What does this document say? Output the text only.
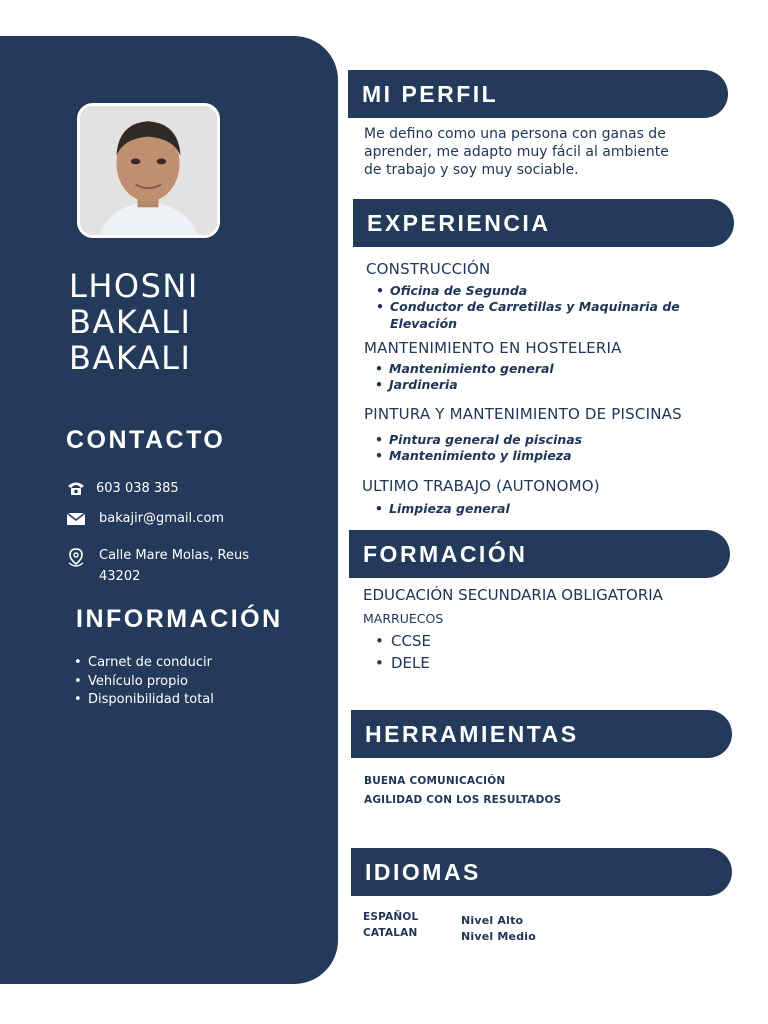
LHOSNI
BAKALI
BAKALI
CONTACTO
603 038 385
bakajir@gmail.com
Calle Mare Molas, Reus
43202
INFORMACIÓN
• Carnet de conducir
• Vehículo propio
• Disponibilidad total
MI PERFIL
Me defino como una persona con ganas de
aprender, me adapto muy fácil al ambiente
de trabajo y soy muy sociable.
EXPERIENCIA
CONSTRUCCIÓN
• Oficina de Segunda
• Conductor de Carretillas y Maquinaria de
Elevación
MANTENIMIENTO EN HOSTELERIA
• Mantenimiento general
• Jardineria
PINTURA Y MANTENIMIENTO DE PISCINAS
• Pintura general de piscinas
• Mantenimiento y limpieza
ULTIMO TRABAJO (AUTONOMO)
• Limpieza general
FORMACIÓN
EDUCACIÓN SECUNDARIA OBLIGATORIA
MARRUECOS
• CCSE
• DELE
HERRAMIENTAS
BUENA COMUNICACIÓN
AGILIDAD CON LOS RESULTADOS
IDIOMAS
ESPAÑOL
CATALAN
Nivel Alto
Nivel Medio
